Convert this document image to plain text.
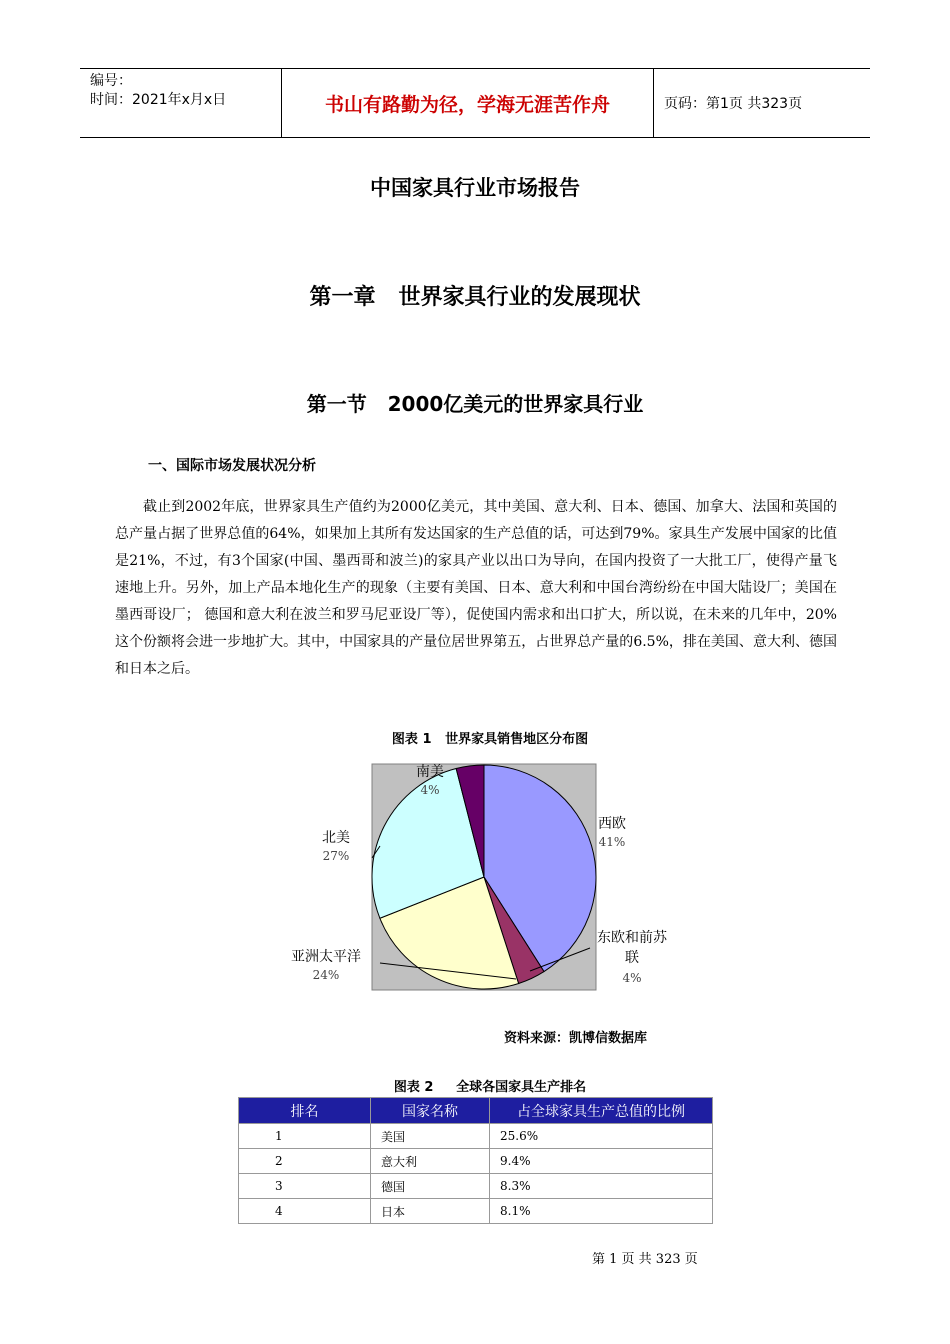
编号：
时间：2021年x月x日	书山有路勤为径，学海无涯苦作舟	页码：第1页 共323页
中国家具行业市场报告
第一章   世界家具行业的发展现状
第一节   2000亿美元的世界家具行业
一、国际市场发展状况分析

截止到2002年底，世界家具生产值约为2000亿美元，其中美国、意大利、日本、德国、加拿大、法国和英国的总产量占据了世界总值的64%，如果加上其所有发达国家的生产总值的话，可达到79%。家具生产发展中国家的比值是21%，不过，有3个国家(中国、墨西哥和波兰)的家具产业以出口为导向，在国内投资了一大批工厂，使得产量飞速地上升。另外，加上产品本地化生产的现象（主要有美国、日本、意大利和中国台湾纷纷在中国大陆设厂；美国在墨西哥设厂； 德国和意大利在波兰和罗马尼亚设厂等），促使国内需求和出口扩大，所以说，在未来的几年中，20%这个份额将会进一步地扩大。其中，中国家具的产量位居世界第五，占世界总产量的6.5%，排在美国、意大利、德国和日本之后。

图表 1   世界家具销售地区分布图
西欧
41%
东欧和前苏联
4%
亚洲太平洋
24%
北美
27%
南美
4%
资料来源：凯博信数据库
图表 2     全球各国家具生产排名
排名	国家名称	占全球家具生产总值的比例
1	美国	25.6%
2	意大利	9.4%
3	德国	8.3%
4	日本	8.1%
第 1 页 共 323 页
